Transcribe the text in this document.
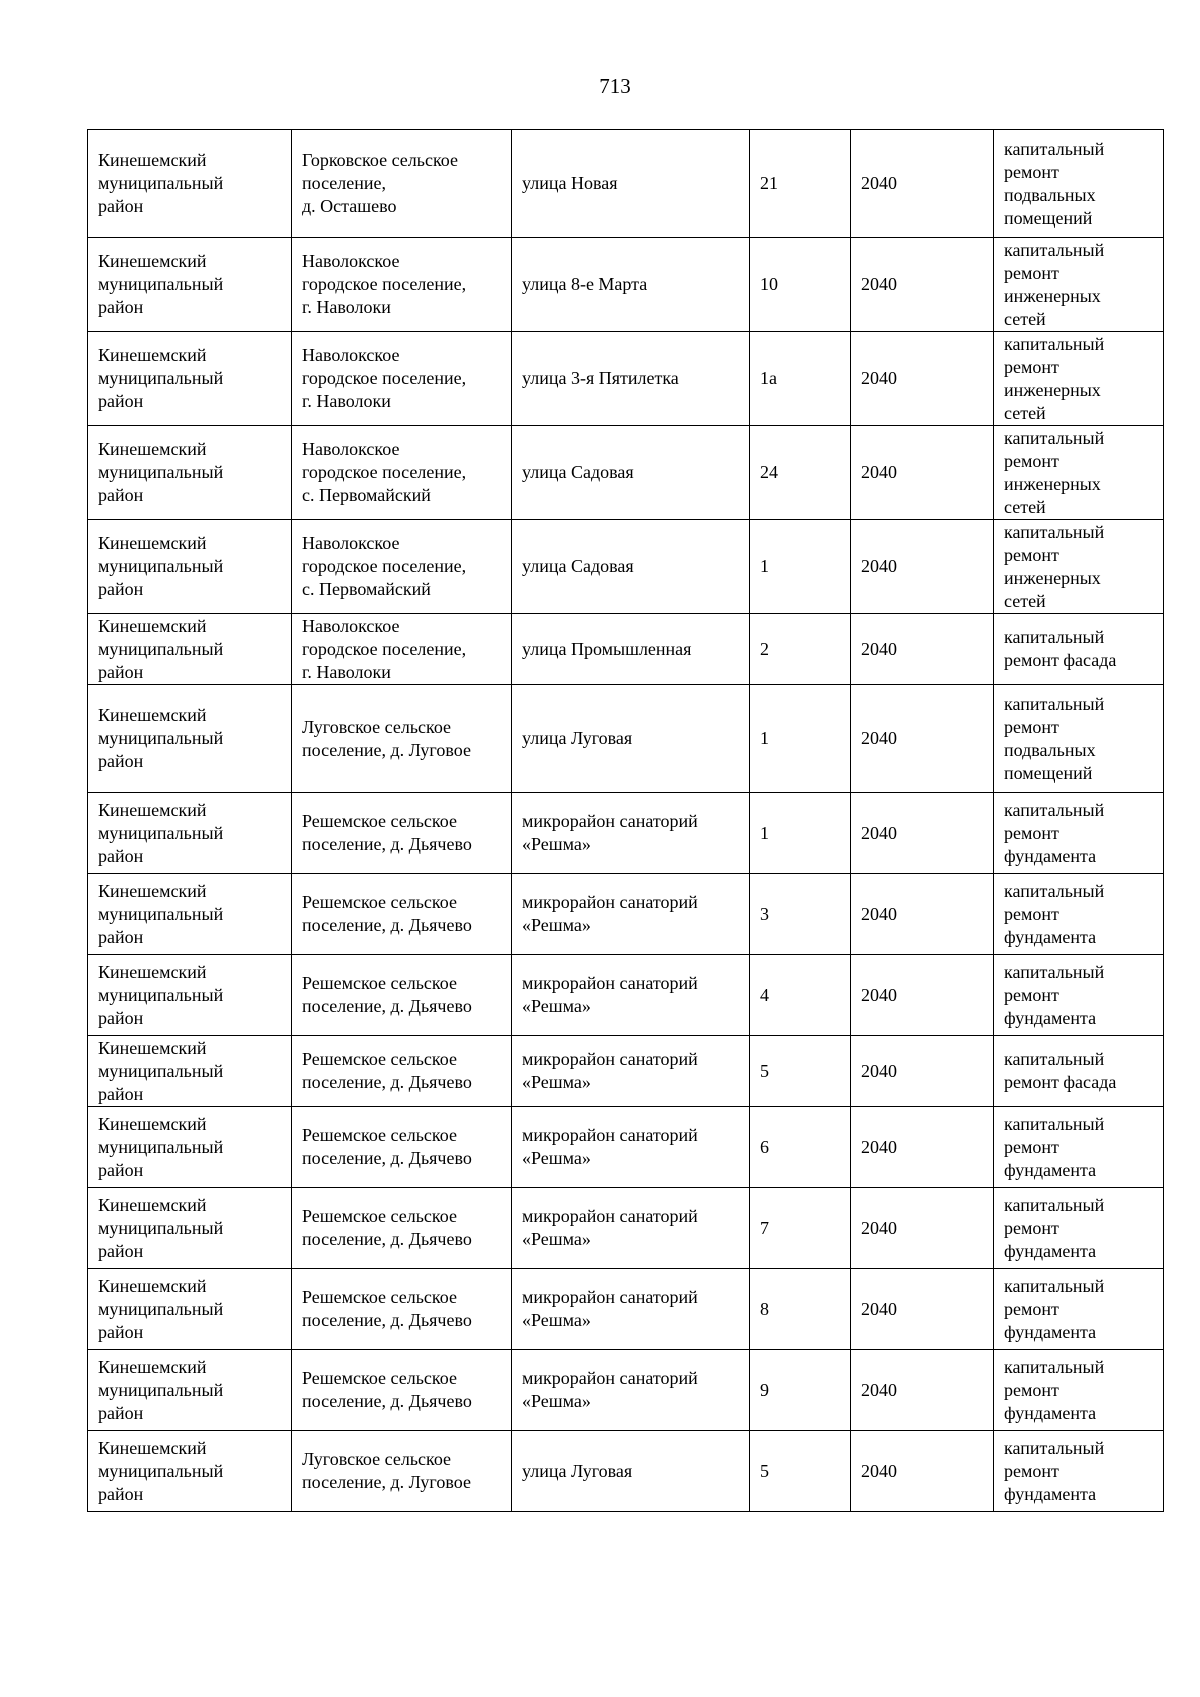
713
Кинешемский
муниципальный
район	Горковское сельское
поселение,
д. Осташево	улица Новая	21	2040	капитальный
ремонт
подвальных
помещений
Кинешемский
муниципальный
район	Наволокское
городское поселение,
г. Наволоки	улица 8-е Марта	10	2040	капитальный
ремонт
инженерных
сетей
Кинешемский
муниципальный
район	Наволокское
городское поселение,
г. Наволоки	улица 3-я Пятилетка	1а	2040	капитальный
ремонт
инженерных
сетей
Кинешемский
муниципальный
район	Наволокское
городское поселение,
с. Первомайский	улица Садовая	24	2040	капитальный
ремонт
инженерных
сетей
Кинешемский
муниципальный
район	Наволокское
городское поселение,
с. Первомайский	улица Садовая	1	2040	капитальный
ремонт
инженерных
сетей
Кинешемский
муниципальный
район	Наволокское
городское поселение,
г. Наволоки	улица Промышленная	2	2040	капитальный
ремонт фасада
Кинешемский
муниципальный
район	Луговское сельское
поселение, д. Луговое	улица Луговая	1	2040	капитальный
ремонт
подвальных
помещений
Кинешемский
муниципальный
район	Решемское сельское
поселение, д. Дьячево	микрорайон санаторий
«Решма»	1	2040	капитальный
ремонт
фундамента
Кинешемский
муниципальный
район	Решемское сельское
поселение, д. Дьячево	микрорайон санаторий
«Решма»	3	2040	капитальный
ремонт
фундамента
Кинешемский
муниципальный
район	Решемское сельское
поселение, д. Дьячево	микрорайон санаторий
«Решма»	4	2040	капитальный
ремонт
фундамента
Кинешемский
муниципальный
район	Решемское сельское
поселение, д. Дьячево	микрорайон санаторий
«Решма»	5	2040	капитальный
ремонт фасада
Кинешемский
муниципальный
район	Решемское сельское
поселение, д. Дьячево	микрорайон санаторий
«Решма»	6	2040	капитальный
ремонт
фундамента
Кинешемский
муниципальный
район	Решемское сельское
поселение, д. Дьячево	микрорайон санаторий
«Решма»	7	2040	капитальный
ремонт
фундамента
Кинешемский
муниципальный
район	Решемское сельское
поселение, д. Дьячево	микрорайон санаторий
«Решма»	8	2040	капитальный
ремонт
фундамента
Кинешемский
муниципальный
район	Решемское сельское
поселение, д. Дьячево	микрорайон санаторий
«Решма»	9	2040	капитальный
ремонт
фундамента
Кинешемский
муниципальный
район	Луговское сельское
поселение, д. Луговое	улица Луговая	5	2040	капитальный
ремонт
фундамента
